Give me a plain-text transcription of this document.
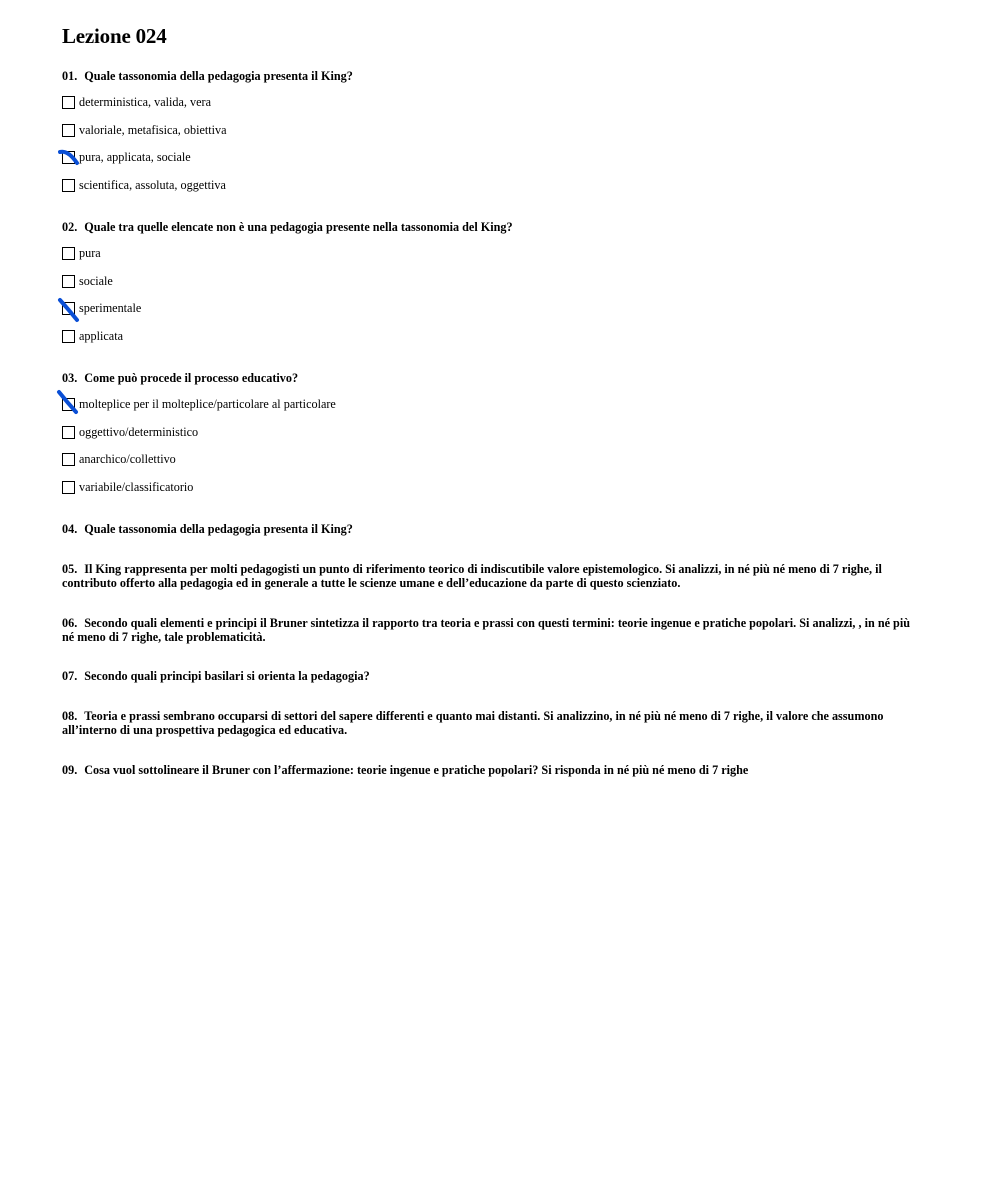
Lezione 024
01. Quale tassonomia della pedagogia presenta il King?
deterministica, valida, vera
valoriale, metafisica, obiettiva
pura, applicata, sociale
scientifica, assoluta, oggettiva
02. Quale tra quelle elencate non è una pedagogia presente nella tassonomia del King?
pura
sociale
sperimentale
applicata
03. Come può procede il processo educativo?
molteplice per il molteplice/particolare al particolare
oggettivo/deterministico
anarchico/collettivo
variabile/classificatorio
04. Quale tassonomia della pedagogia presenta il King?
05. Il King rappresenta per molti pedagogisti un punto di riferimento teorico di indiscutibile valore epistemologico. Si analizzi, in né più né meno di 7 righe, il contributo offerto alla pedagogia ed in generale a tutte le scienze umane e dell’educazione da parte di questo scienziato.
06. Secondo quali elementi e principi il Bruner sintetizza il rapporto tra teoria e prassi con questi termini: teorie ingenue e pratiche popolari. Si analizzi, , in né più né meno di 7 righe, tale problematicità.
07. Secondo quali principi basilari si orienta la pedagogia?
08. Teoria e prassi sembrano occuparsi di settori del sapere differenti e quanto mai distanti. Si analizzino, in né più né meno di 7 righe, il valore che assumono all’interno di una prospettiva pedagogica ed educativa.
09. Cosa vuol sottolineare il Bruner con l’affermazione: teorie ingenue e pratiche popolari? Si risponda in né più né meno di 7 righe
